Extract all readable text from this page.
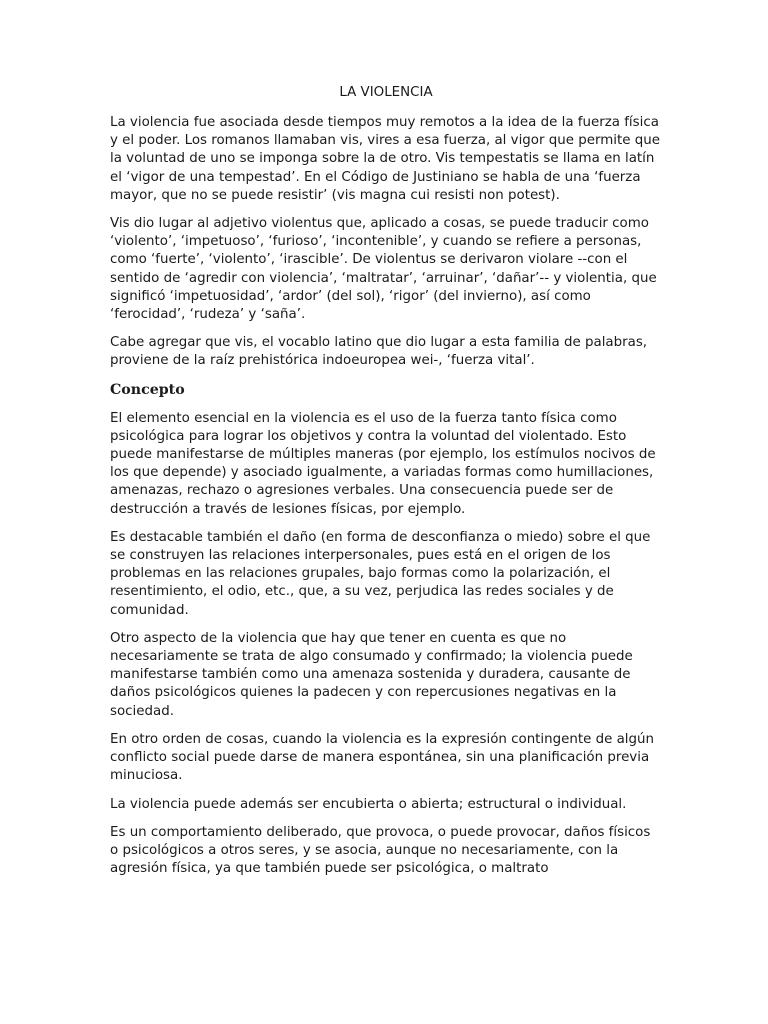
LA VIOLENCIA

La violencia fue asociada desde tiempos muy remotos a la idea de la fuerza física y el poder. Los romanos llamaban vis, vires a esa fuerza, al vigor que permite que la voluntad de uno se imponga sobre la de otro. Vis tempestatis se llama en latín el ‘vigor de una tempestad’. En el Código de Justiniano se habla de una ‘fuerza mayor, que no se puede resistir’ (vis magna cui resisti non potest).

Vis dio lugar al adjetivo violentus que, aplicado a cosas, se puede traducir como ‘violento’, ‘impetuoso’, ‘furioso’, ‘incontenible’, y cuando se refiere a personas, como ‘fuerte’, ‘violento’, ‘irascible’. De violentus se derivaron violare --con el sentido de ‘agredir con violencia’, ‘maltratar’, ‘arruinar’, ‘dañar’-- y violentia, que significó ‘impetuosidad’, ‘ardor’ (del sol), ‘rigor’ (del invierno), así como ‘ferocidad’, ‘rudeza’ y ‘saña’.

Cabe agregar que vis, el vocablo latino que dio lugar a esta familia de palabras, proviene de la raíz prehistórica indoeuropea wei-, ‘fuerza vital’.

Concepto

El elemento esencial en la violencia es el uso de la fuerza tanto física como psicológica para lograr los objetivos y contra la voluntad del violentado. Esto puede manifestarse de múltiples maneras (por ejemplo, los estímulos nocivos de los que depende) y asociado igualmente, a variadas formas como humillaciones, amenazas, rechazo o agresiones verbales. Una consecuencia puede ser de destrucción a través de lesiones físicas, por ejemplo.

Es destacable también el daño (en forma de desconfianza o miedo) sobre el que se construyen las relaciones interpersonales, pues está en el origen de los problemas en las relaciones grupales, bajo formas como la polarización, el resentimiento, el odio, etc., que, a su vez, perjudica las redes sociales y de comunidad.

Otro aspecto de la violencia que hay que tener en cuenta es que no necesariamente se trata de algo consumado y confirmado; la violencia puede manifestarse también como una amenaza sostenida y duradera, causante de daños psicológicos quienes la padecen y con repercusiones negativas en la sociedad.

En otro orden de cosas, cuando la violencia es la expresión contingente de algún conflicto social puede darse de manera espontánea, sin una planificación previa minuciosa.

La violencia puede además ser encubierta o abierta; estructural o individual.

Es un comportamiento deliberado, que provoca, o puede provocar, daños físicos o psicológicos a otros seres, y se asocia, aunque no necesariamente, con la agresión física, ya que también puede ser psicológica, o maltrato
